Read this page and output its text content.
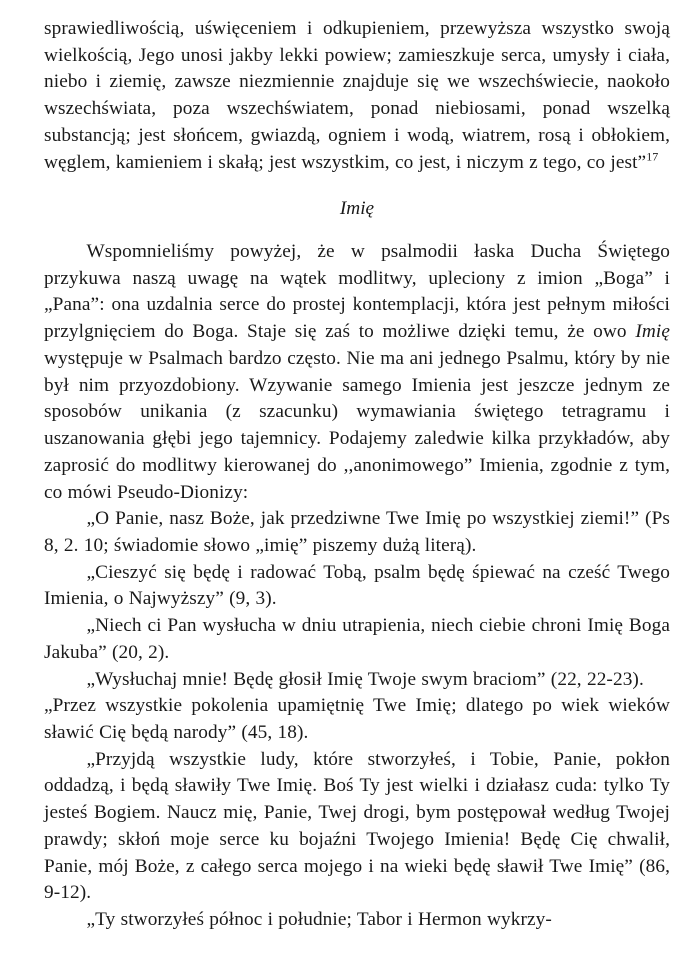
sprawiedliwością, uświęceniem i odkupieniem, przewyższa wszystko swoją wielkością, Jego unosi jakby lekki powiew; zamieszkuje serca, umysły i ciała, niebo i ziemię, zawsze niezmiennie znajduje się we wszechświecie, naokoło wszechświata, poza wszechświatem, ponad niebiosami, ponad wszelką substancją; jest słońcem, gwiazdą, ogniem i wodą, wiatrem, rosą i obłokiem, węglem, kamieniem i skałą; jest wszystkim, co jest, i niczym z tego, co jest”$^{17}$

Imię

Wspomnieliśmy powyżej, że w psalmodii łaska Ducha Świętego przykuwa naszą uwagę na wątek modlitwy, upleciony z imion „Boga” i „Pana”: ona uzdalnia serce do prostej kontemplacji, która jest pełnym miłości przylgnięciem do Boga. Staje się zaś to możliwe dzięki temu, że owo Imię występuje w Psalmach bardzo często. Nie ma ani jednego Psalmu, który by nie był nim przyozdobiony. Wzywanie samego Imienia jest jeszcze jednym ze sposobów unikania (z szacunku) wymawiania świętego tetragramu i uszanowania głębi jego tajemnicy. Podajemy zaledwie kilka przykładów, aby zaprosić do modlitwy kierowanej do ,,anonimowego” Imienia, zgodnie z tym, co mówi Pseudo-Dionizy:

„O Panie, nasz Boże, jak przedziwne Twe Imię po wszystkiej ziemi!” (Ps 8, 2. 10; świadomie słowo „imię” piszemy dużą literą).

„Cieszyć się będę i radować Tobą, psalm będę śpiewać na cześć Twego Imienia, o Najwyższy” (9, 3).

„Niech ci Pan wysłucha w dniu utrapienia, niech ciebie chroni Imię Boga Jakuba” (20, 2).

„Wysłuchaj mnie! Będę głosił Imię Twoje swym braciom” (22, 22-23).

„Przez wszystkie pokolenia upamiętnię Twe Imię; dlatego po wiek wieków sławić Cię będą narody” (45, 18).

„Przyjdą wszystkie ludy, które stworzyłeś, i Tobie, Panie, pokłon oddadzą, i będą sławiły Twe Imię. Boś Ty jest wielki i działasz cuda: tylko Ty jesteś Bogiem. Naucz mię, Panie, Twej drogi, bym postępował według Twojej prawdy; skłoń moje serce ku bojaźni Twojego Imienia! Będę Cię chwalił, Panie, mój Boże, z całego serca mojego i na wieki będę sławił Twe Imię” (86, 9-12).

„Ty stworzyłeś północ i południe; Tabor i Hermon wykrzy-
